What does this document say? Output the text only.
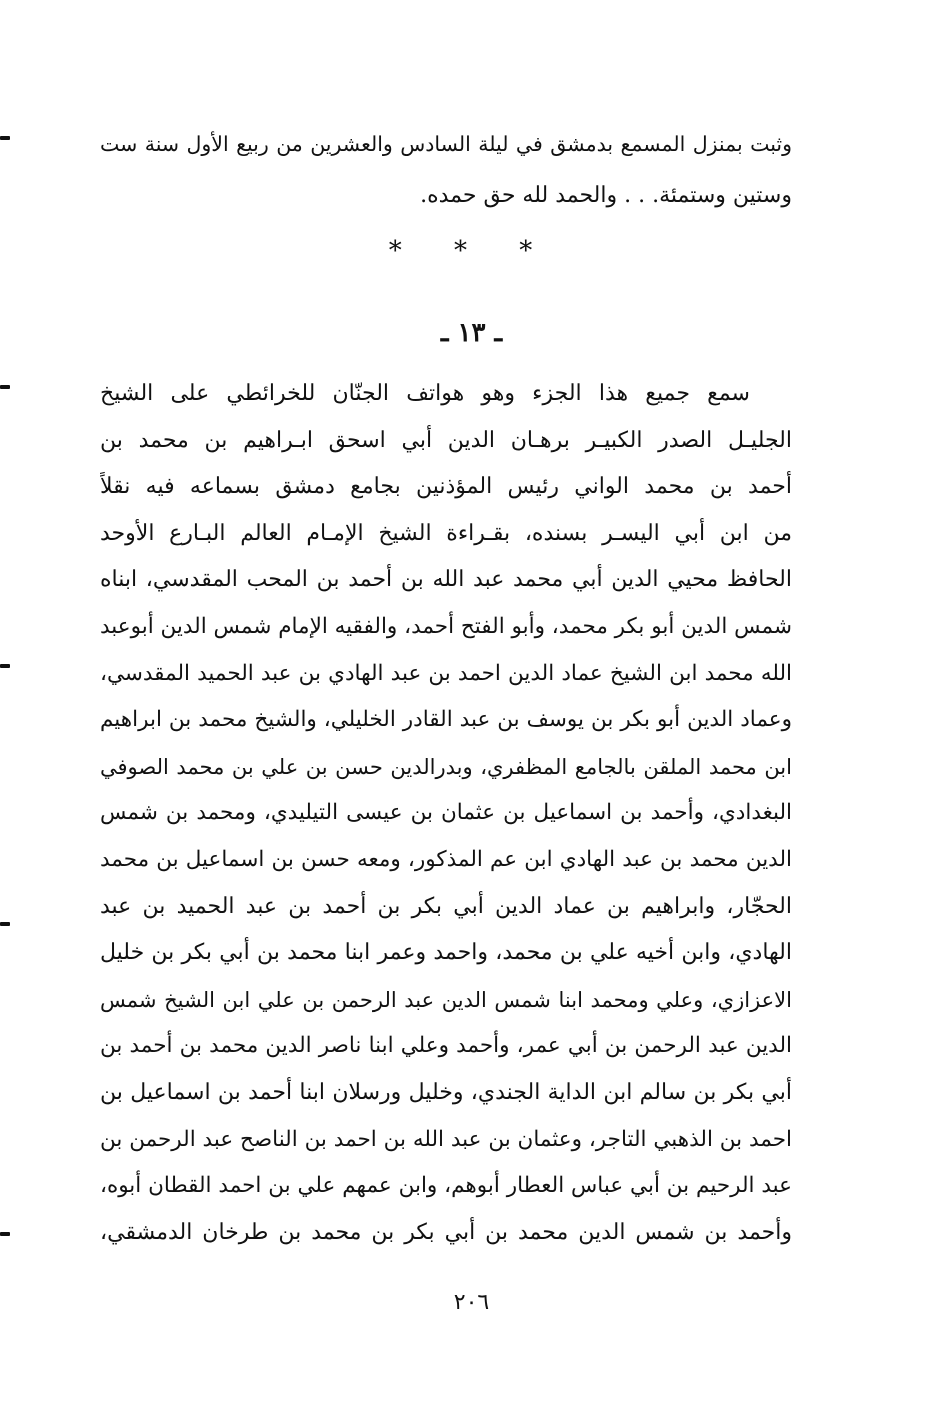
وثبت بمنزل المسمع بدمشق في ليلة السادس والعشرين من ربيع الأول سنة ست
وستين وستمئة. . . والحمد لله حق حمده.
* * *
ـ ١٣ ـ
سمع جميع هذا الجزء وهو هواتف الجنّان للخرائطي على الشيخ
الجليـل الصدر الكبيـر برهـان الدين أبي اسحق ابـراهيم بن محمد بن
أحمد بن محمد الواني رئيس المؤذنين بجامع دمشق بسماعه فيه نقلاً
من ابن أبي اليسـر بسنده، بقـراءة الشيخ الإمـام العالم البـارع الأوحد
الحافظ محيي الدين أبي محمد عبد الله بن أحمد بن المحب المقدسي، ابناه
شمس الدين أبو بكر محمد، وأبو الفتح أحمد، والفقيه الإمام شمس الدين أبوعبد
الله محمد ابن الشيخ عماد الدين احمد بن عبد الهادي بن عبد الحميد المقدسي،
وعماد الدين أبو بكر بن يوسف بن عبد القادر الخليلي، والشيخ محمد بن ابراهيم
ابن محمد الملقن بالجامع المظفري، وبدرالدين حسن بن علي بن محمد الصوفي
البغدادي، وأحمد بن اسماعيل بن عثمان بن عيسى التيليدي، ومحمد بن شمس
الدين محمد بن عبد الهادي ابن عم المذكور، ومعه حسن بن اسماعيل بن محمد
الحجّار، وابراهيم بن عماد الدين أبي بكر بن أحمد بن عبد الحميد بن عبد
الهادي، وابن أخيه علي بن محمد، واحمد وعمر ابنا محمد بن أبي بكر بن خليل
الاعزازي، وعلي ومحمد ابنا شمس الدين عبد الرحمن بن علي ابن الشيخ شمس
الدين عبد الرحمن بن أبي عمر، وأحمد وعلي ابنا ناصر الدين محمد بن أحمد بن
أبي بكر بن سالم ابن الداية الجندي، وخليل ورسلان ابنا أحمد بن اسماعيل بن
احمد بن الذهبي التاجر، وعثمان بن عبد الله بن احمد بن الناصح عبد الرحمن بن
عبد الرحيم بن أبي عباس العطار أبوهم، وابن عمهم علي بن احمد القطان أبوه،
وأحمد بن شمس الدين محمد بن أبي بكر بن محمد بن طرخان الدمشقي،
٢٠٦
